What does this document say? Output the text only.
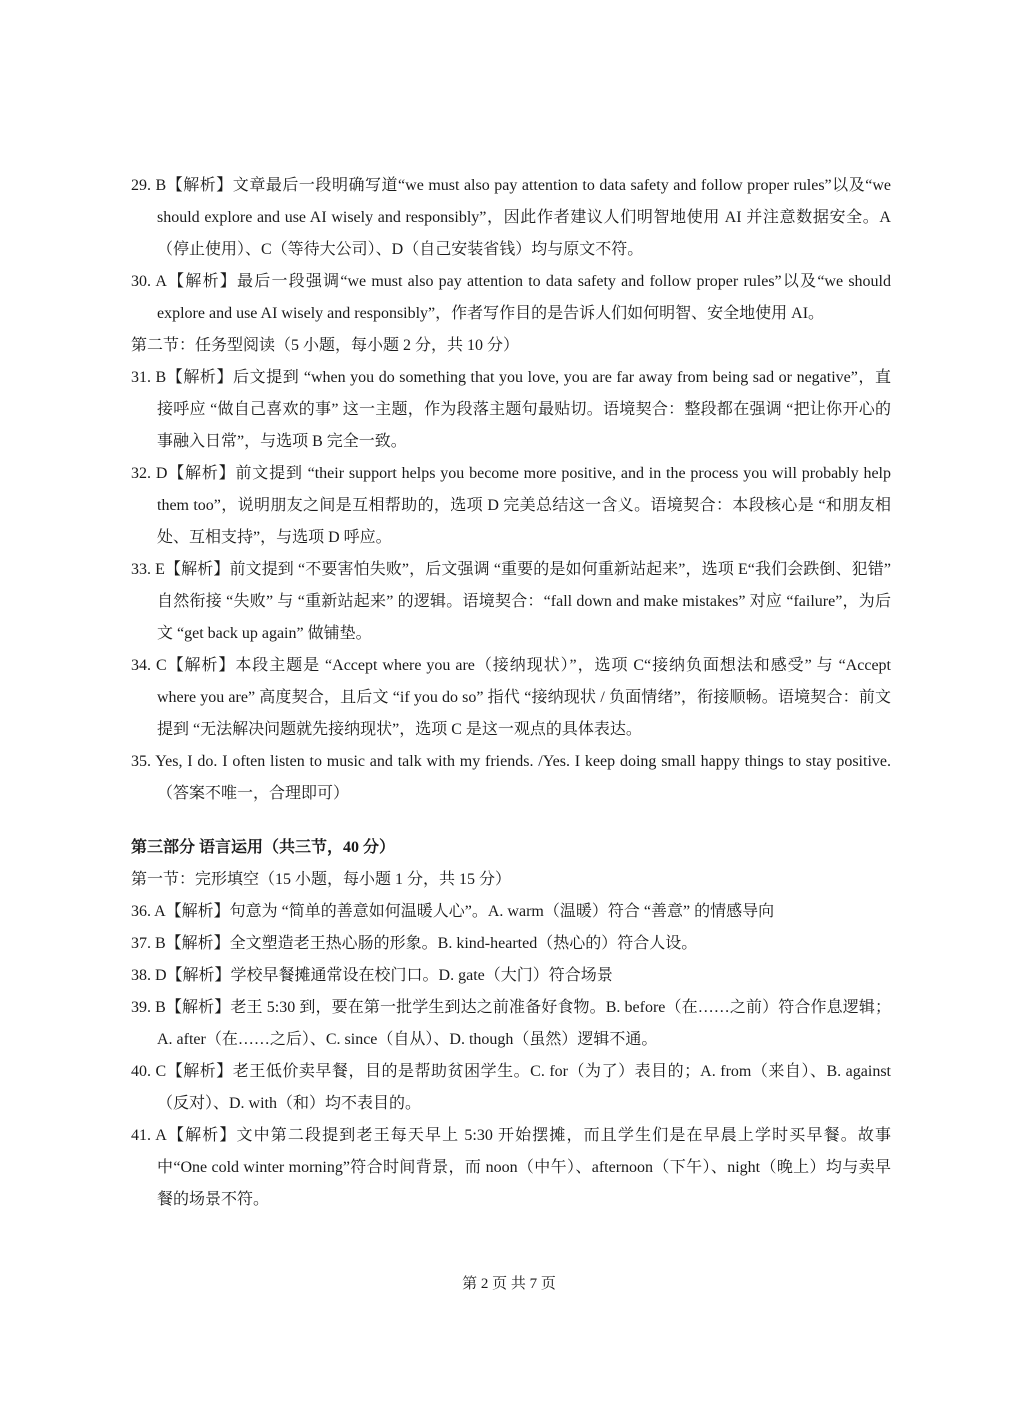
29. B【解析】文章最后一段明确写道“we must also pay attention to data safety and follow proper rules”以及“we should explore and use AI wisely and responsibly”，因此作者建议人们明智地使用 AI 并注意数据安全。A（停止使用）、C（等待大公司）、D（自己安装省钱）均与原文不符。
30. A【解析】最后一段强调“we must also pay attention to data safety and follow proper rules”以及“we should explore and use AI wisely and responsibly”，作者写作目的是告诉人们如何明智、安全地使用 AI。
第二节：任务型阅读（5 小题，每小题 2 分，共 10 分）
31. B【解析】后文提到 “when you do something that you love, you are far away from being sad or negative”，直接呼应 “做自己喜欢的事” 这一主题，作为段落主题句最贴切。语境契合：整段都在强调 “把让你开心的事融入日常”，与选项 B 完全一致。
32. D【解析】前文提到 “their support helps you become more positive, and in the process you will probably help them too”，说明朋友之间是互相帮助的，选项 D 完美总结这一含义。语境契合：本段核心是 “和朋友相处、互相支持”，与选项 D 呼应。
33. E【解析】前文提到 “不要害怕失败”，后文强调 “重要的是如何重新站起来”，选项 E“我们会跌倒、犯错” 自然衔接 “失败” 与 “重新站起来” 的逻辑。语境契合：“fall down and make mistakes” 对应 “failure”，为后文 “get back up again” 做铺垫。
34. C【解析】本段主题是 “Accept where you are（接纳现状）”，选项 C“接纳负面想法和感受” 与 “Accept where you are” 高度契合，且后文 “if you do so” 指代 “接纳现状 / 负面情绪”，衔接顺畅。语境契合：前文提到 “无法解决问题就先接纳现状”，选项 C 是这一观点的具体表达。
35. Yes, I do. I often listen to music and talk with my friends. /Yes. I keep doing small happy things to stay positive. （答案不唯一，合理即可）
第三部分 语言运用（共三节，40 分）
第一节：完形填空（15 小题，每小题 1 分，共 15 分）
36. A【解析】句意为 “简单的善意如何温暖人心”。A. warm（温暖）符合 “善意” 的情感导向
37. B【解析】全文塑造老王热心肠的形象。B. kind-hearted（热心的）符合人设。
38. D【解析】学校早餐摊通常设在校门口。D. gate（大门）符合场景
39. B【解析】老王 5:30 到，要在第一批学生到达之前准备好食物。B. before（在……之前）符合作息逻辑；A. after（在……之后）、C. since（自从）、D. though（虽然）逻辑不通。
40. C【解析】老王低价卖早餐，目的是帮助贫困学生。C. for（为了）表目的；A. from（来自）、B. against（反对）、D. with（和）均不表目的。
41. A【解析】文中第二段提到老王每天早上 5:30 开始摆摊，而且学生们是在早晨上学时买早餐。故事中“One cold winter morning”符合时间背景，而 noon（中午）、afternoon（下午）、night（晚上）均与卖早餐的场景不符。
第 2 页 共 7 页
